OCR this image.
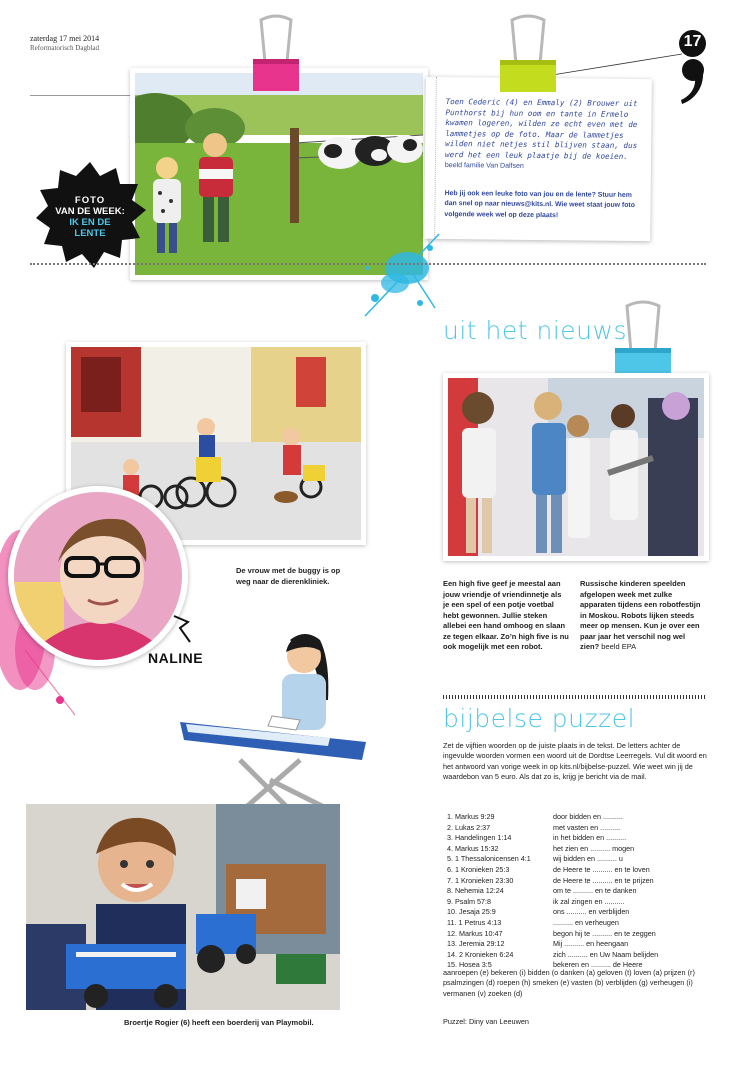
zaterdag 17 mei 2014
Reformatorisch Dagblad	17
Toen Cederic (4) en Emmaly (2) Brouwer uit Punthorst bij hun oom en tante in Ermelo kwamen logeren, wilden ze echt even met de lammetjes op de foto. Maar de lammetjes wilden niet netjes stil blijven staan, dus werd het een leuk plaatje bij de koeien. beeld familie Van Dalfsen
Heb jij ook een leuke foto van jou en de lente? Stuur hem dan snel op naar nieuws@kits.nl. Wie weet staat jouw foto volgende week wel op deze plaats!
FOTO
VAN DE WEEK:
IK EN DE
LENTE
uit het nieuws
Een high five geef je meestal aan jouw vriendje of vriendinnetje als je een spel of een potje voetbal hebt gewonnen. Jullie steken allebei een hand omhoog en slaan ze tegen elkaar. Zo’n high five is nu ook mogelijk met een robot.
Russische kinderen speelden afgelopen week met zulke apparaten tijdens een robotfestijn in Moskou. Robots lijken steeds meer op mensen. Kun je over een paar jaar het verschil nog wel zien? beeld EPA
De vrouw met de buggy is op weg naar de dierenkliniek.
NALINE
Broertje Rogier (6) heeft een boerderij van Playmobil.
bijbelse puzzel
Zet de vijftien woorden op de juiste plaats in de tekst. De letters achter de ingevulde woorden vormen een woord uit de Dordtse Leerregels. Vul dit woord en het antwoord van vorige week in op kits.nl/bijbelse-puzzel. Wie weet win jij de waardebon van 5 euro. Als dat zo is, krijg je bericht via de mail.
1. Markus 9:29
2. Lukas 2:37
3. Handelingen 1:14
4. Markus 15:32
5. 1 Thessalonicensen 4:1
6. 1 Kronieken 25:3
7. 1 Kronieken 23:30
8. Nehemia 12:24
9. Psalm 57:8
10. Jesaja 25:9
11. 1 Petrus 4:13
12. Markus 10:47
13. Jeremia 29:12
14. 2 Kronieken 6:24
15. Hosea 3:5
door bidden en ..........
met vasten en ..........
in het bidden en ..........
het zien en .......... mogen
wij bidden en .......... u
de Heere te .......... en te loven
de Heere te .......... en te prijzen
om te .......... en te danken
ik zal zingen en ..........
ons .......... en verblijden
.......... en verheugen
begon hij te .......... en te zeggen
Mij .......... en heengaan
zich .......... en Uw Naam belijden
bekeren en .......... de Heere
aanroepen (e) bekeren (i) bidden (o danken (a) geloven (t) loven (a) prijzen (r) psalmzingen (d) roepen (h) smeken (e) vasten (b) verblijden (g) verheugen (i) vermanen (v) zoeken (d)
Puzzel: Diny van Leeuwen
